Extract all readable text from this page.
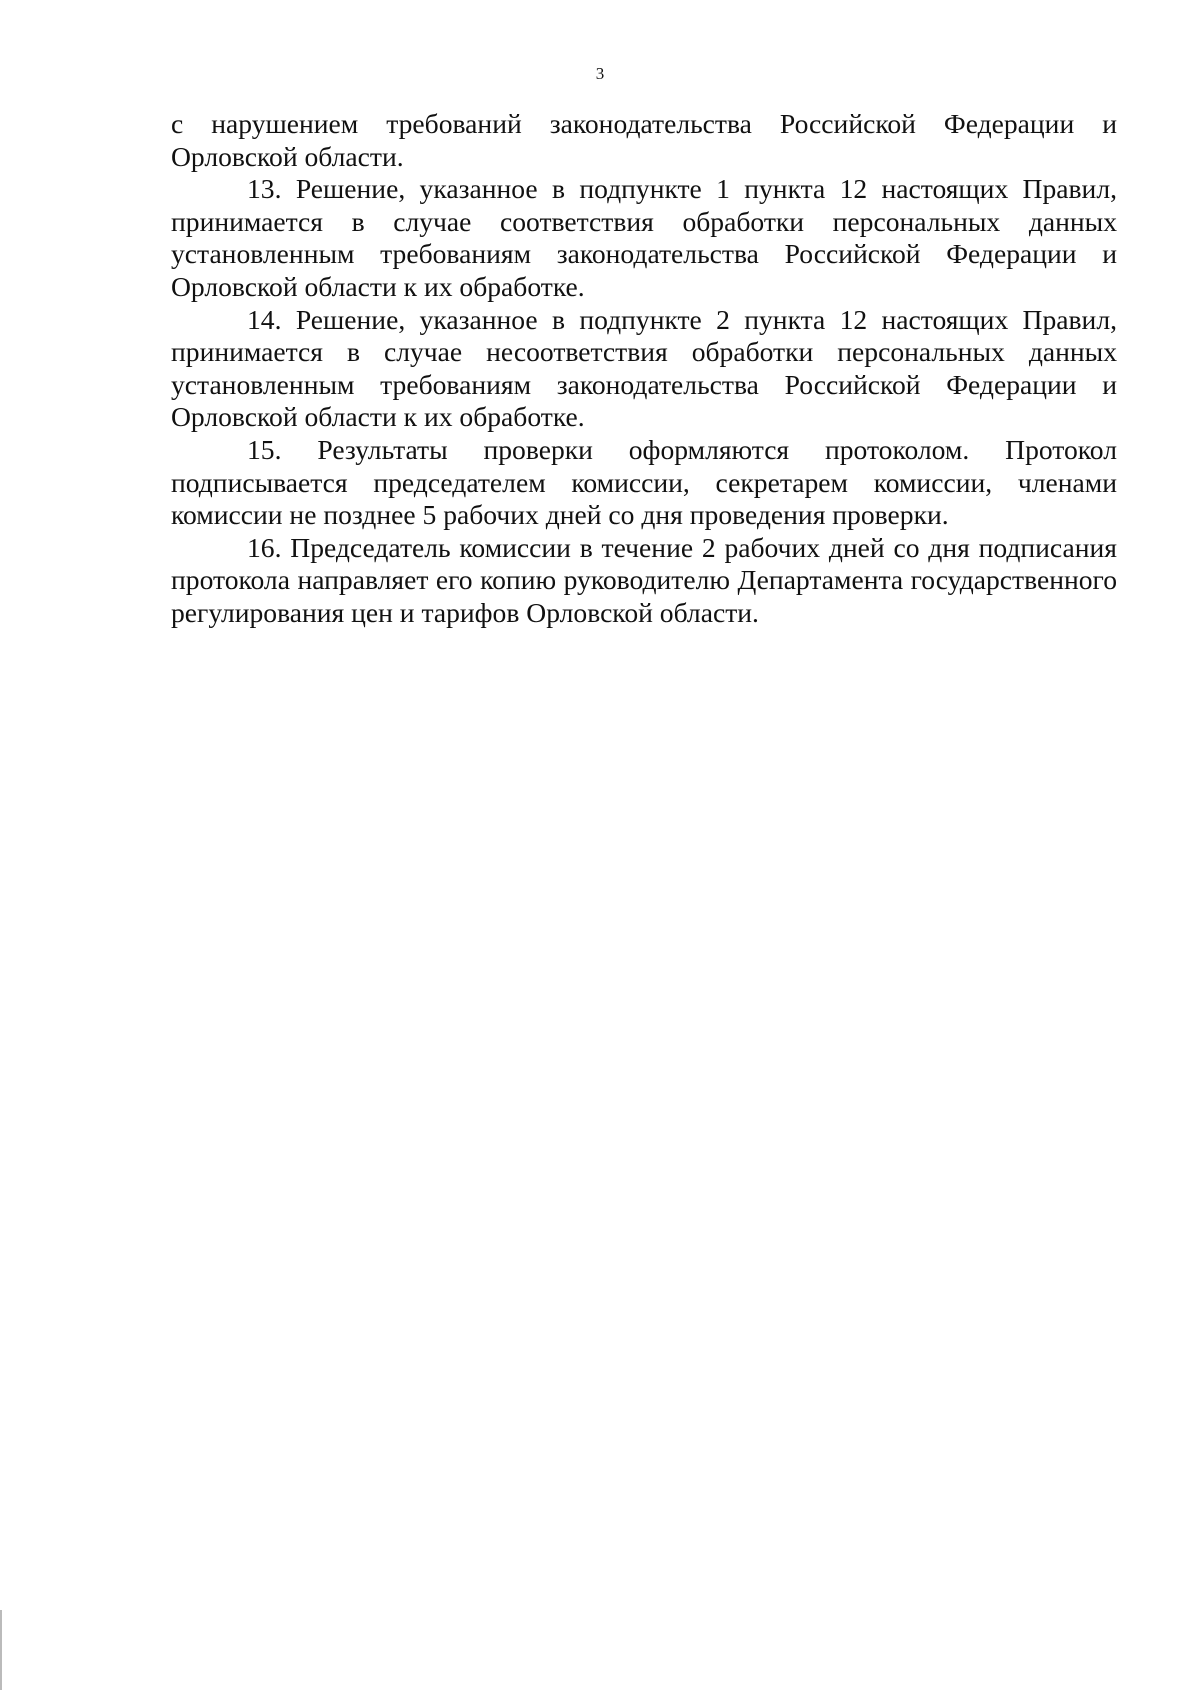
3

с нарушением требований законодательства Российской Федерации и Орловской области.

13. Решение, указанное в подпункте 1 пункта 12 настоящих Правил, принимается в случае соответствия обработки персональных данных установленным требованиям законодательства Российской Федерации и Орловской области к их обработке.

14. Решение, указанное в подпункте 2 пункта 12 настоящих Правил, принимается в случае несоответствия обработки персональных данных установленным требованиям законодательства Российской Федерации и Орловской области к их обработке.

15. Результаты проверки оформляются протоколом. Протокол подписывается председателем комиссии, секретарем комиссии, членами комиссии не позднее 5 рабочих дней со дня проведения проверки.

16. Председатель комиссии в течение 2 рабочих дней со дня подписания протокола направляет его копию руководителю Департамента государственного регулирования цен и тарифов Орловской области.
